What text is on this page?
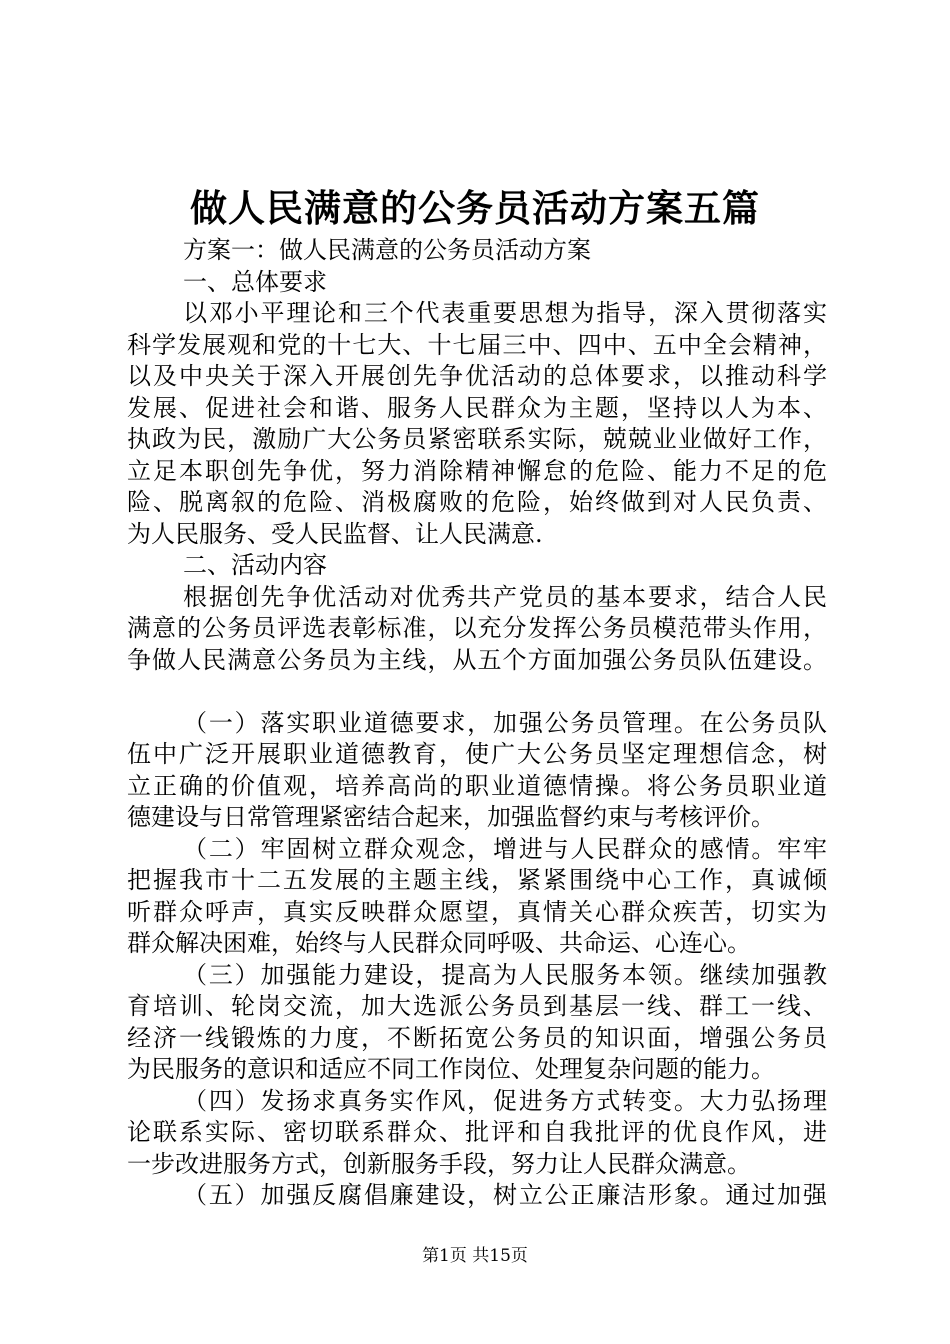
做人民满意的公务员活动方案五篇
方案一：做人民满意的公务员活动方案
一、总体要求
以邓小平理论和三个代表重要思想为指导，深入贯彻落实
科学发展观和党的十七大、十七届三中、四中、五中全会精神，
以及中央关于深入开展创先争优活动的总体要求，以推动科学
发展、促进社会和谐、服务人民群众为主题，坚持以人为本、
执政为民，激励广大公务员紧密联系实际，兢兢业业做好工作，
立足本职创先争优，努力消除精神懈怠的危险、能力不足的危
险、脱离叙的危险、消极腐败的危险，始终做到对人民负责、
为人民服务、受人民监督、让人民满意.
二、活动内容
根据创先争优活动对优秀共产党员的基本要求，结合人民
满意的公务员评选表彰标准，以充分发挥公务员模范带头作用，
争做人民满意公务员为主线，从五个方面加强公务员队伍建设。
（一）落实职业道德要求，加强公务员管理。在公务员队
伍中广泛开展职业道德教育，使广大公务员坚定理想信念，树
立正确的价值观，培养高尚的职业道德情操。将公务员职业道
德建设与日常管理紧密结合起来，加强监督约束与考核评价。
（二）牢固树立群众观念，增进与人民群众的感情。牢牢
把握我市十二五发展的主题主线，紧紧围绕中心工作，真诚倾
听群众呼声，真实反映群众愿望，真情关心群众疾苦，切实为
群众解决困难，始终与人民群众同呼吸、共命运、心连心。
（三）加强能力建设，提高为人民服务本领。继续加强教
育培训、轮岗交流，加大选派公务员到基层一线、群工一线、
经济一线锻炼的力度，不断拓宽公务员的知识面，增强公务员
为民服务的意识和适应不同工作岗位、处理复杂问题的能力。
（四）发扬求真务实作风，促进务方式转变。大力弘扬理
论联系实际、密切联系群众、批评和自我批评的优良作风，进
一步改进服务方式，创新服务手段，努力让人民群众满意。
（五）加强反腐倡廉建设，树立公正廉洁形象。通过加强
第1页 共15页
